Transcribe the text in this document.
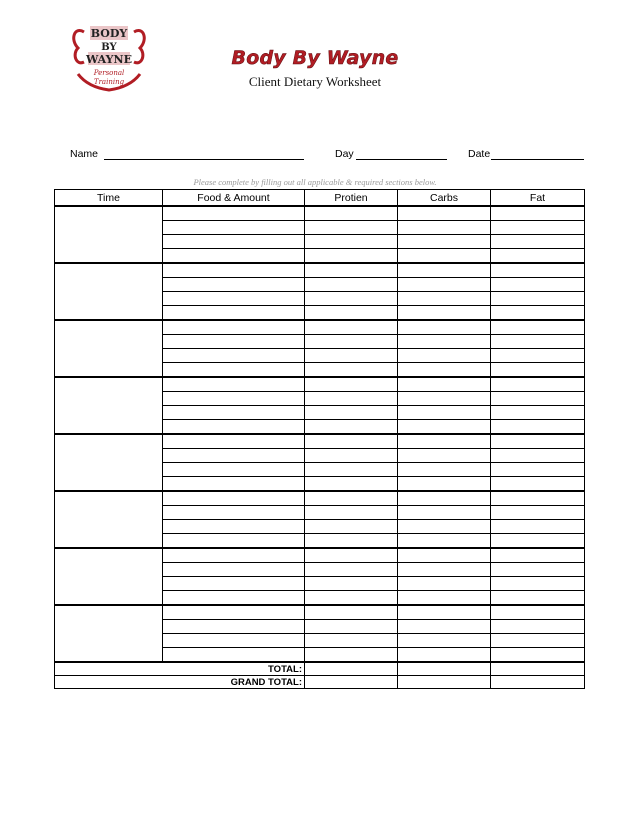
BODY
BY
WAYNE
Personal
Training
Body By Wayne
Client Dietary Worksheet
Name	Day	Date
Please complete by filling out all applicable & required sections below.
Time	Food & Amount	Protien	Carbs	Fat

TOTAL:				
GRAND TOTAL:				
